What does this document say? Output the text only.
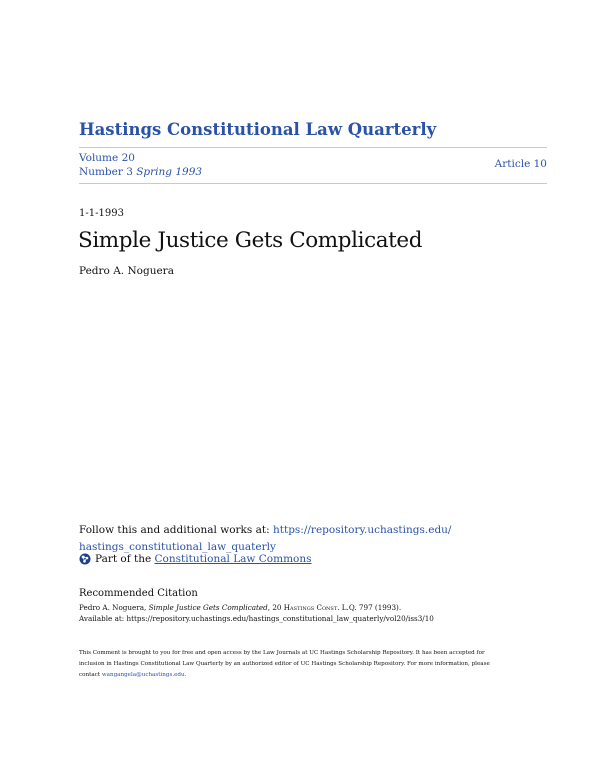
Hastings Constitutional Law Quarterly
Volume 20
Number 3 Spring 1993
Article 10
1-1-1993
Simple Justice Gets Complicated
Pedro A. Noguera
Follow this and additional works at: https://repository.uchastings.edu/
hastings_constitutional_law_quaterly
Part of the
Constitutional Law Commons
Recommended Citation
Pedro A. Noguera, Simple Justice Gets Complicated, 20 Hastings Const. L.Q. 797 (1993).
Available at: https://repository.uchastings.edu/hastings_constitutional_law_quaterly/vol20/iss3/10
This Comment is brought to you for free and open access by the Law Journals at UC Hastings Scholarship Repository. It has been accepted for
inclusion in Hastings Constitutional Law Quarterly by an authorized editor of UC Hastings Scholarship Repository. For more information, please
contact wangangela@uchastings.edu.
